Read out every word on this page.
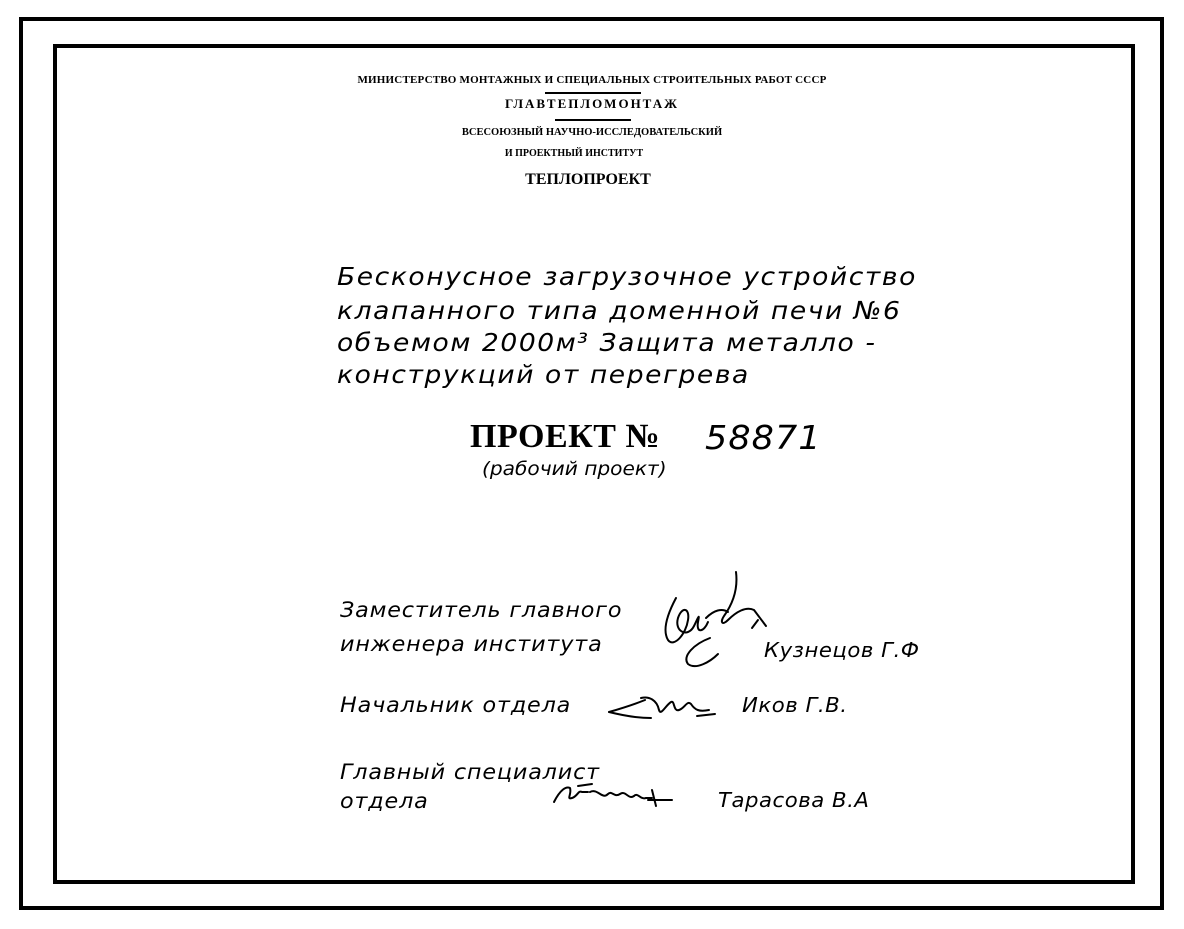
МИНИСТЕРСТВО МОНТАЖНЫХ И СПЕЦИАЛЬНЫХ СТРОИТЕЛЬНЫХ РАБОТ СССР
ГЛАВТЕПЛОМОНТАЖ
ВСЕСОЮЗНЫЙ НАУЧНО-ИССЛЕДОВАТЕЛЬСКИЙ
И ПРОЕКТНЫЙ ИНСТИТУТ
ТЕПЛОПРОЕКТ
Бесконусное загрузочное устройство
клапанного типа доменной печи №6
объемом 2000м³ Защита металло -
конструкций от перегрева
ПРОЕКТ № 58871
(рабочий проект)
Заместитель главного
инженера института	Кузнецов Г.Ф
Начальник отдела	Иков Г.В.
Главный специалист
отдела	Тарасова В.А
